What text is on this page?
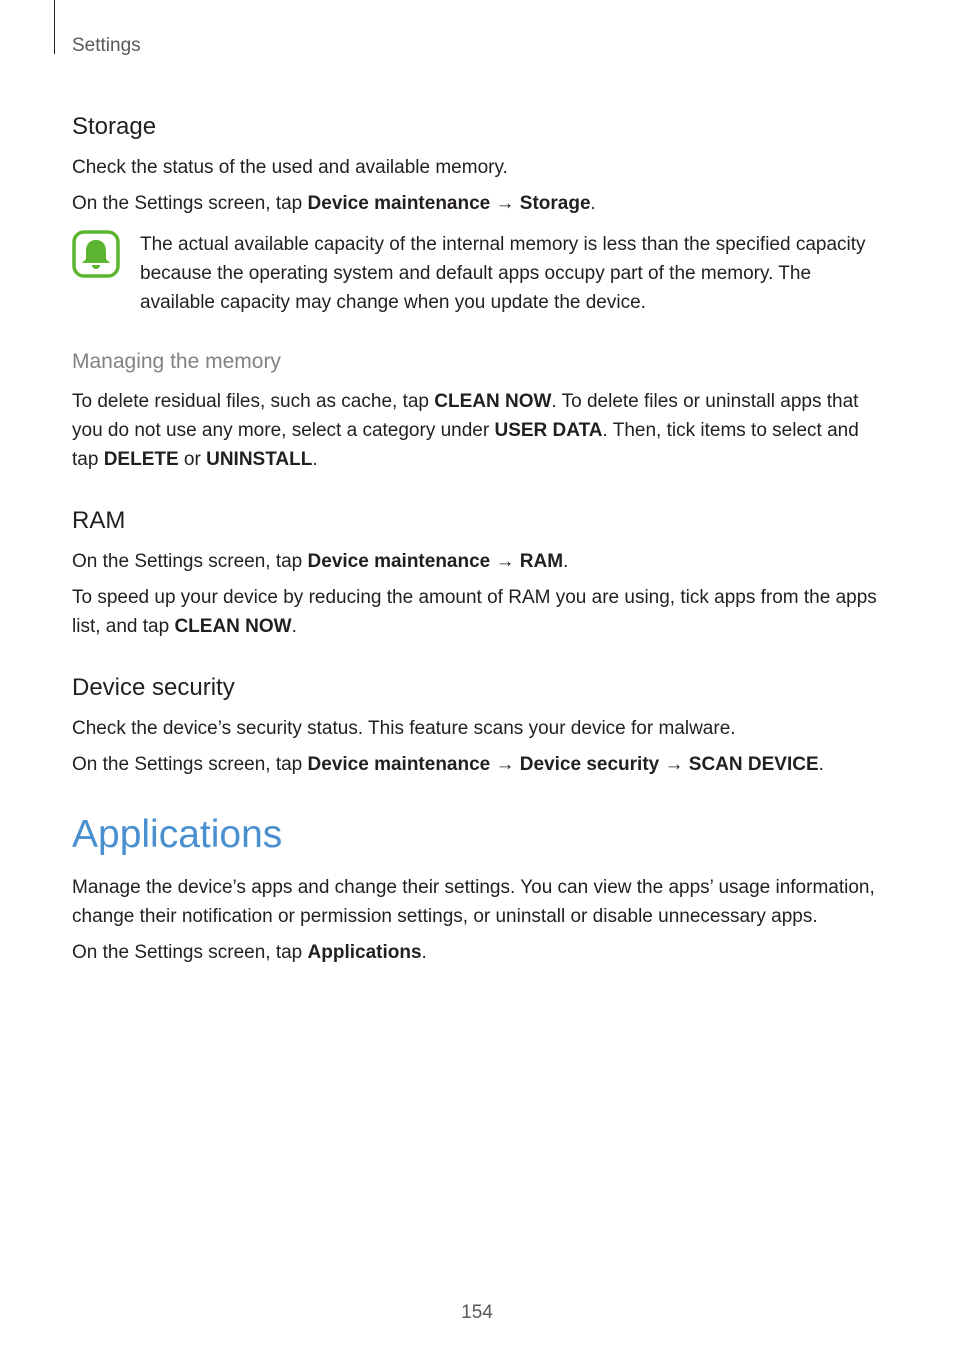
Settings
Storage

Check the status of the used and available memory.

On the Settings screen, tap Device maintenance → Storage.

The actual available capacity of the internal memory is less than the specified capacity because the operating system and default apps occupy part of the memory. The available capacity may change when you update the device.

Managing the memory

To delete residual files, such as cache, tap CLEAN NOW. To delete files or uninstall apps that you do not use any more, select a category under USER DATA. Then, tick items to select and tap DELETE or UNINSTALL.

RAM

On the Settings screen, tap Device maintenance → RAM.

To speed up your device by reducing the amount of RAM you are using, tick apps from the apps list, and tap CLEAN NOW.

Device security

Check the device’s security status. This feature scans your device for malware.

On the Settings screen, tap Device maintenance → Device security → SCAN DEVICE.

Applications

Manage the device’s apps and change their settings. You can view the apps’ usage information, change their notification or permission settings, or uninstall or disable unnecessary apps.

On the Settings screen, tap Applications.

154
